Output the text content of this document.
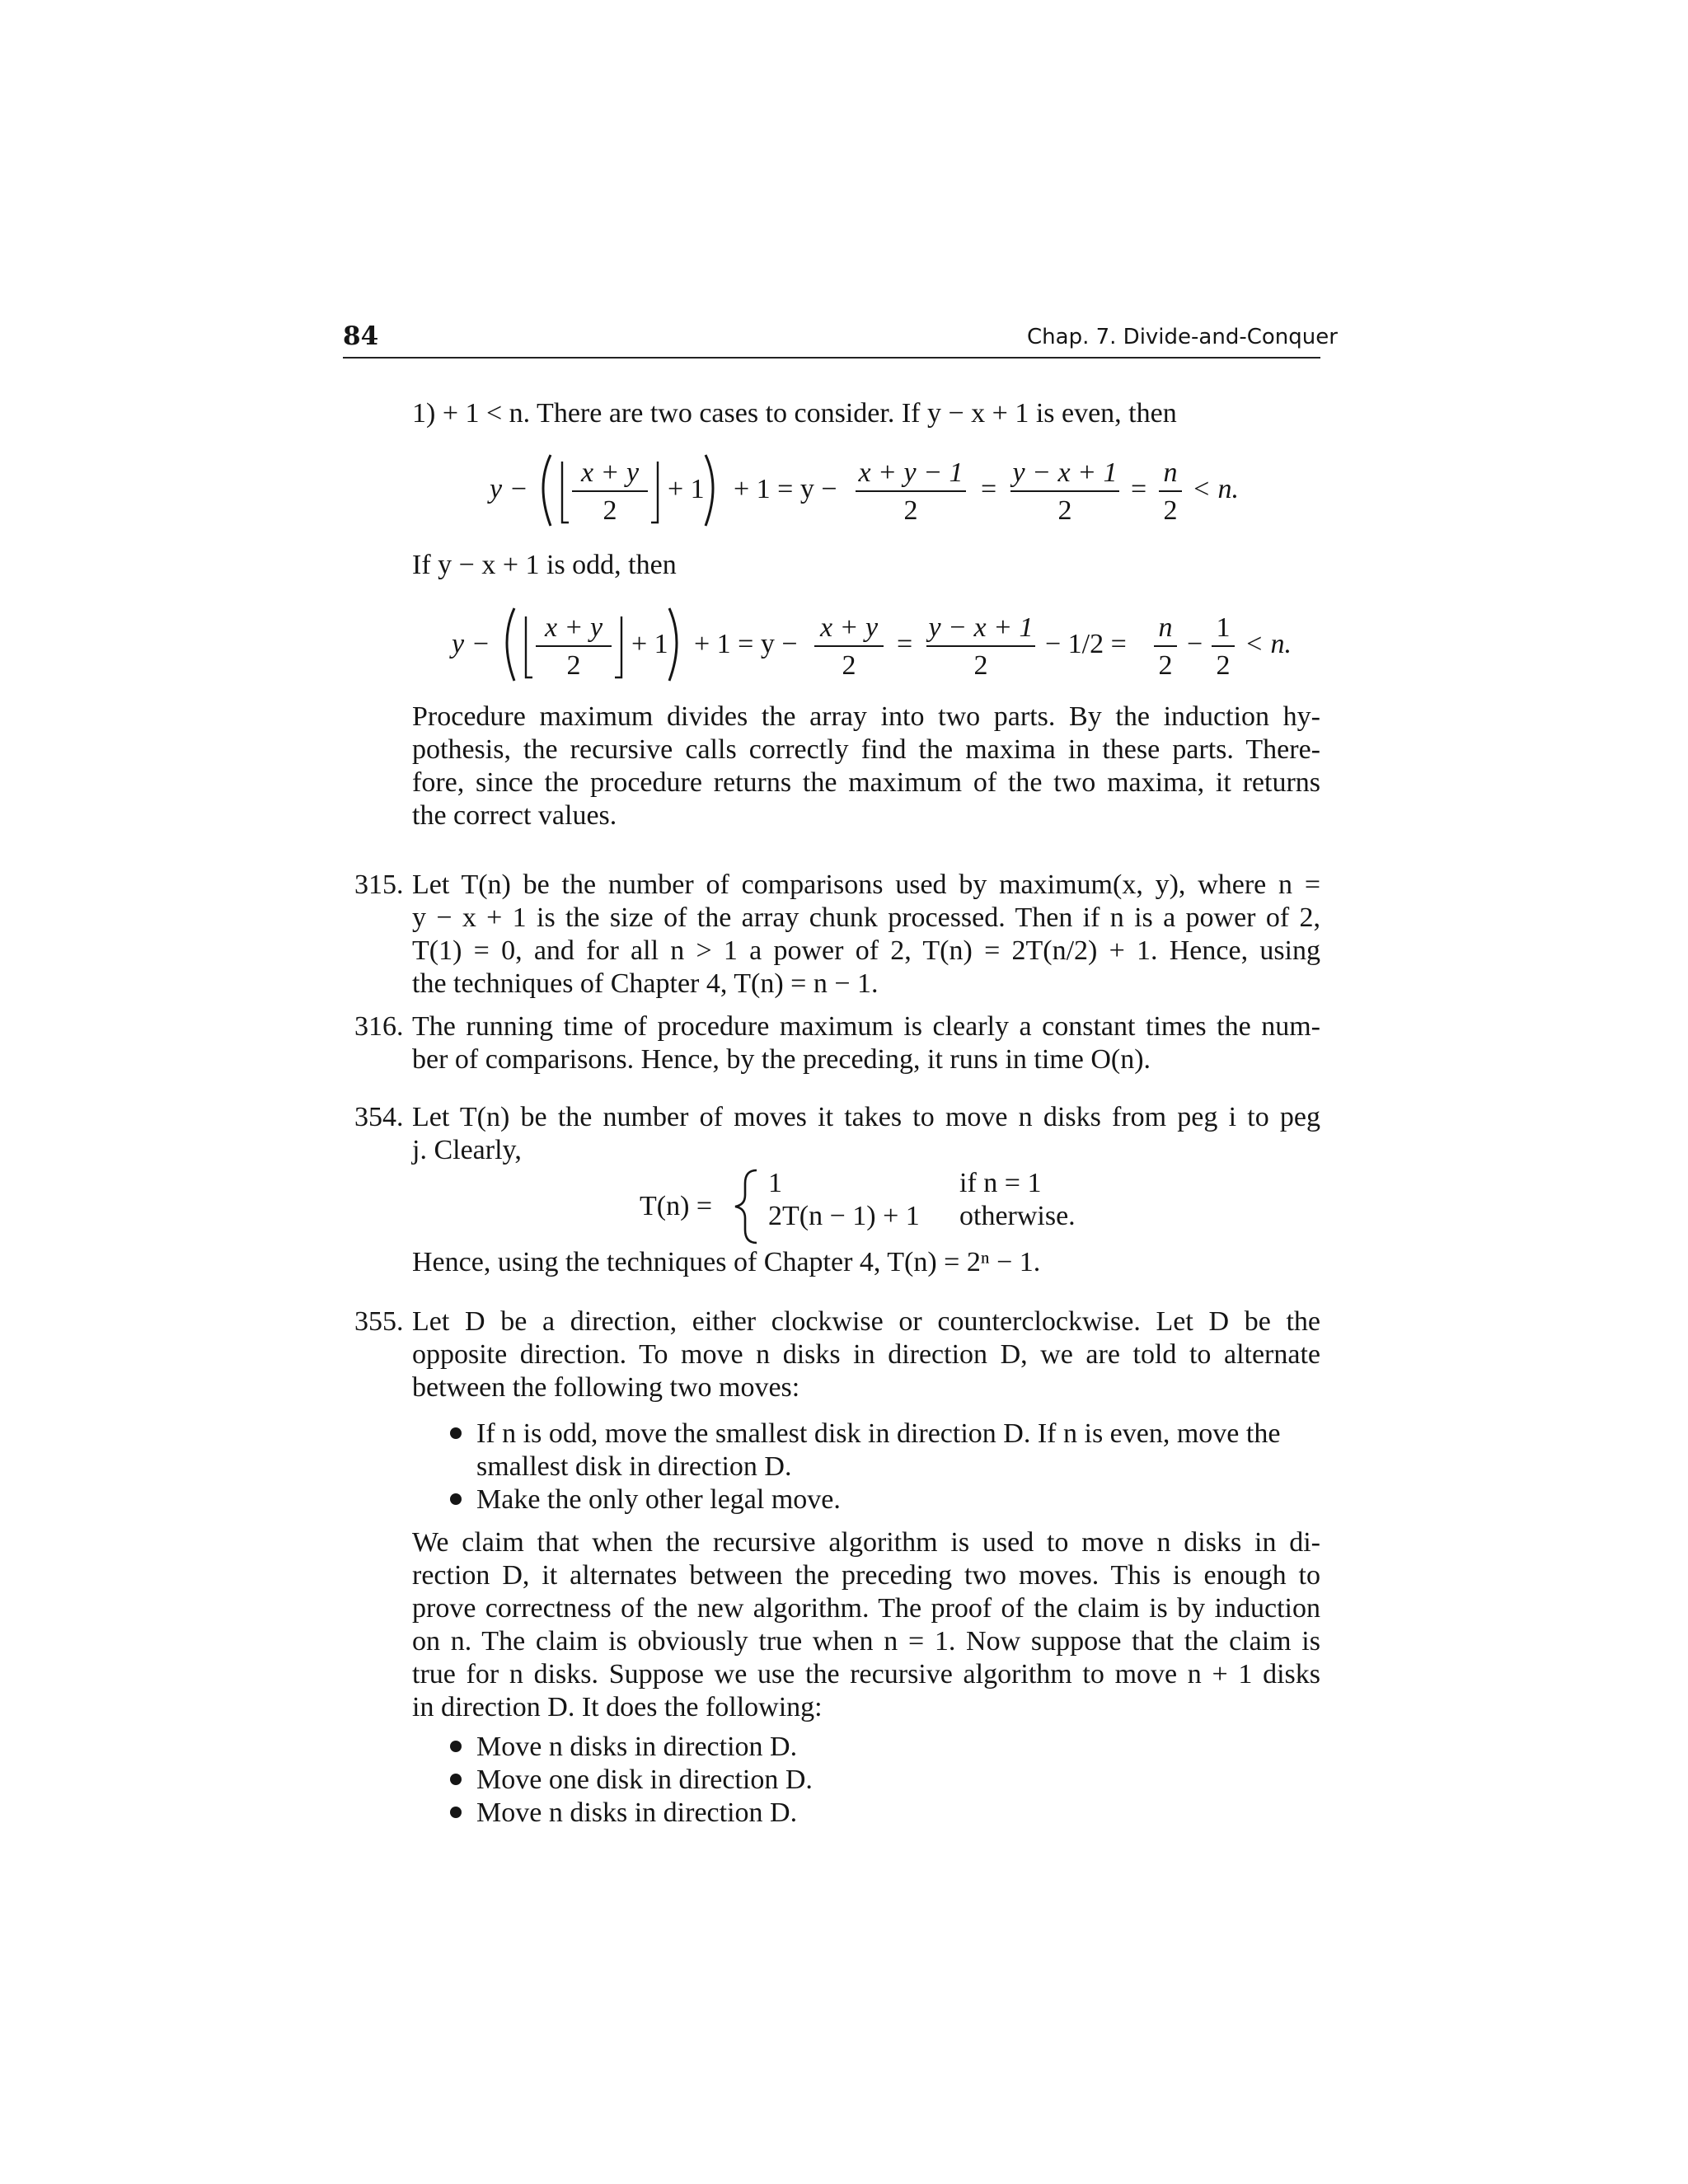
84	Chap. 7. Divide-and-Conquer
1) + 1 < n. There are two cases to consider. If y − x + 1 is even, then
y −
x + y
2
+ 1 + 1 = y −
x + y − 1
2
=
y − x + 1
2
=
n
2
< n.
If y − x + 1 is odd, then
y −
x + y
2
+ 1 + 1 = y −
x + y
2
=
y − x + 1
2
− 1/2 =
n
2
−
1
2
< n.
Procedure maximum divides the array into two parts. By the induction hy-
pothesis, the recursive calls correctly find the maxima in these parts. There-
fore, since the procedure returns the maximum of the two maxima, it returns
the correct values.
315. Let T(n) be the number of comparisons used by maximum(x, y), where n =
y − x + 1 is the size of the array chunk processed. Then if n is a power of 2,
T(1) = 0, and for all n > 1 a power of 2, T(n) = 2T(n/2) + 1. Hence, using
the techniques of Chapter 4, T(n) = n − 1.
316. The running time of procedure maximum is clearly a constant times the num-
ber of comparisons. Hence, by the preceding, it runs in time O(n).
354. Let T(n) be the number of moves it takes to move n disks from peg i to peg
j. Clearly,
T(n) =
1	if n = 1
2T(n − 1) + 1 otherwise.
Hence, using the techniques of Chapter 4, T(n) = 2ⁿ − 1.
355. Let D be a direction, either clockwise or counterclockwise. Let D be the
opposite direction. To move n disks in direction D, we are told to alternate
between the following two moves:
If n is odd, move the smallest disk in direction D. If n is even, move the
smallest disk in direction D.
Make the only other legal move.
We claim that when the recursive algorithm is used to move n disks in di-
rection D, it alternates between the preceding two moves. This is enough to
prove correctness of the new algorithm. The proof of the claim is by induction
on n. The claim is obviously true when n = 1. Now suppose that the claim is
true for n disks. Suppose we use the recursive algorithm to move n + 1 disks
in direction D. It does the following:
Move n disks in direction D.
Move one disk in direction D.
Move n disks in direction D.
